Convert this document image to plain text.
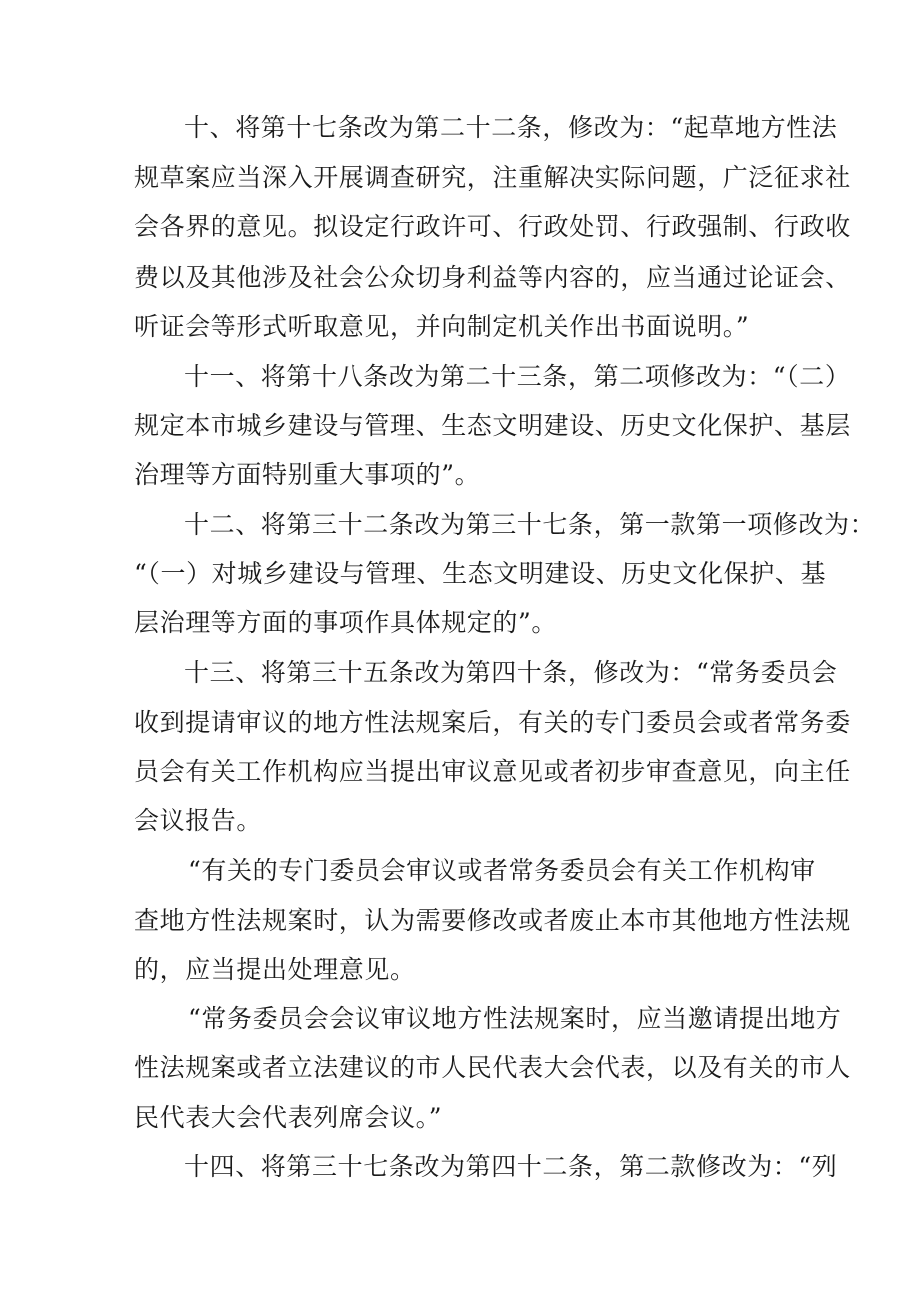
十、将第十七条改为第二十二条，修改为：“起草地方性法
规草案应当深入开展调查研究，注重解决实际问题，广泛征求社
会各界的意见。拟设定行政许可、行政处罚、行政强制、行政收
费以及其他涉及社会公众切身利益等内容的，应当通过论证会、
听证会等形式听取意见，并向制定机关作出书面说明。”
十一、将第十八条改为第二十三条，第二项修改为：“（二）
规定本市城乡建设与管理、生态文明建设、历史文化保护、基层
治理等方面特别重大事项的”。
十二、将第三十二条改为第三十七条，第一款第一项修改为：
“（一）对城乡建设与管理、生态文明建设、历史文化保护、基
层治理等方面的事项作具体规定的”。
十三、将第三十五条改为第四十条，修改为：“常务委员会
收到提请审议的地方性法规案后，有关的专门委员会或者常务委
员会有关工作机构应当提出审议意见或者初步审查意见，向主任
会议报告。
“有关的专门委员会审议或者常务委员会有关工作机构审
查地方性法规案时，认为需要修改或者废止本市其他地方性法规
的，应当提出处理意见。
“常务委员会会议审议地方性法规案时，应当邀请提出地方
性法规案或者立法建议的市人民代表大会代表，以及有关的市人
民代表大会代表列席会议。”
十四、将第三十七条改为第四十二条，第二款修改为：“列
